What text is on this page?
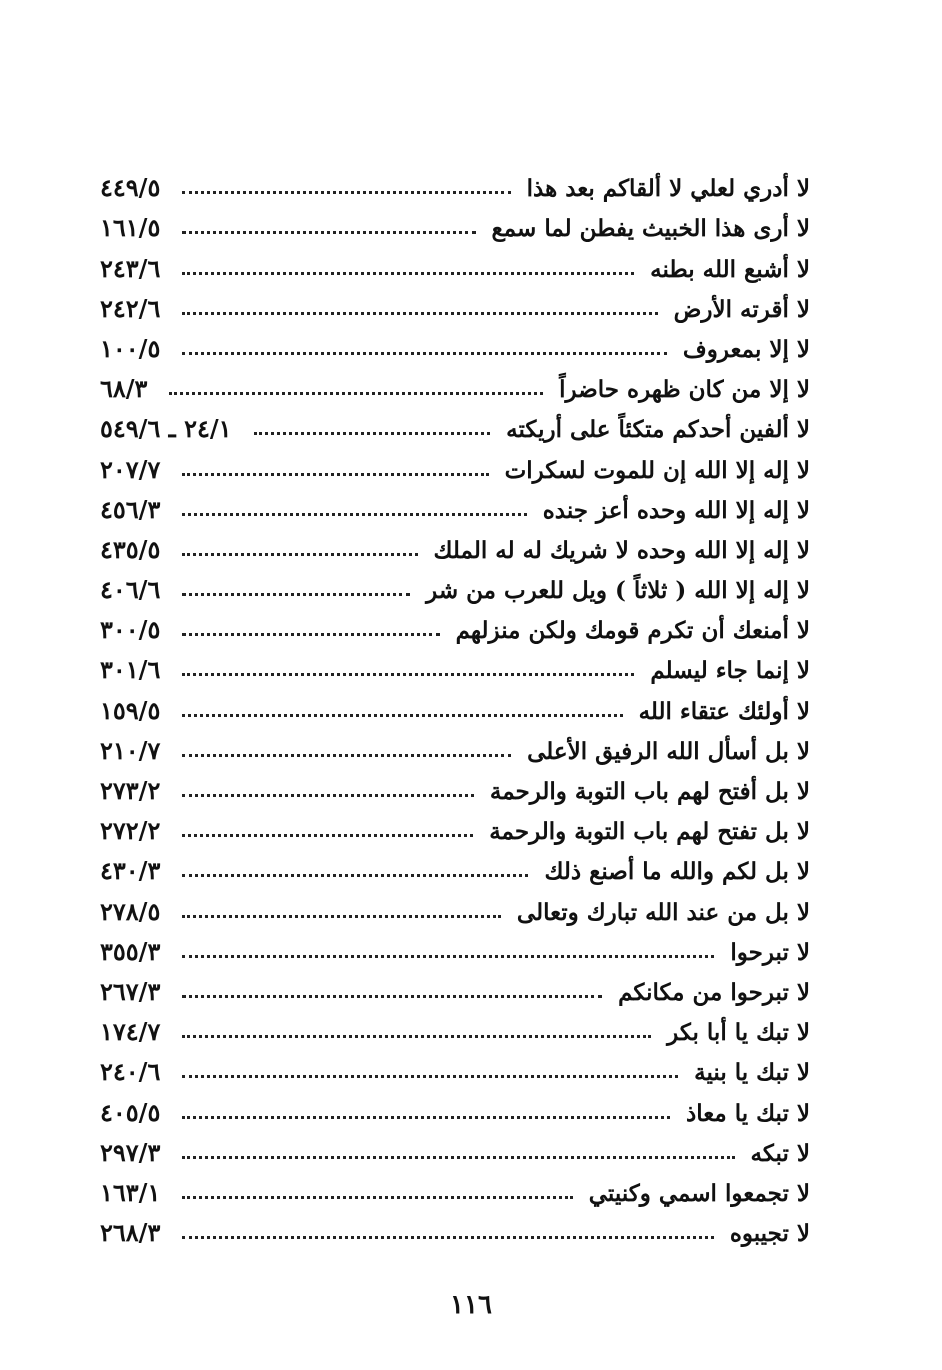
٤٤٩/٥	لا أدري لعلي لا ألقاكم بعد هذا
١٦١/٥	لا أرى هذا الخبيث يفطن لما سمع
٢٤٣/٦	لا أشبع الله بطنه
٢٤٢/٦	لا أقرته الأرض
١٠٠/٥	لا إلا بمعروف
٦٨/٣	لا إلا من كان ظهره حاضراً
٢٤/١ ـ ٥٤٩/٦	لا ألفين أحدكم متكئاً على أريكته
٢٠٧/٧	لا إله إلا الله إن للموت لسكرات
٤٥٦/٣	لا إله إلا الله وحده أعز جنده
٤٣٥/٥	لا إله إلا الله وحده لا شريك له له الملك
٤٠٦/٦	لا إله إلا الله ( ثلاثاً ) ويل للعرب من شر
٣٠٠/٥	لا أمنعك أن تكرم قومك ولكن منزلهم
٣٠١/٦	لا إنما جاء ليسلم
١٥٩/٥	لا أولئك عتقاء الله
٢١٠/٧	لا بل أسأل الله الرفيق الأعلى
٢٧٣/٢	لا بل أفتح لهم باب التوبة والرحمة
٢٧٢/٢	لا بل تفتح لهم باب التوبة والرحمة
٤٣٠/٣	لا بل لكم والله ما أصنع ذلك
٢٧٨/٥	لا بل من عند الله تبارك وتعالى
٣٥٥/٣	لا تبرحوا
٢٦٧/٣	لا تبرحوا من مكانكم
١٧٤/٧	لا تبك يا أبا بكر
٢٤٠/٦	لا تبك يا بنية
٤٠٥/٥	لا تبك يا معاذ
٢٩٧/٣	لا تبكه
١٦٣/١	لا تجمعوا اسمي وكنيتي
٢٦٨/٣	لا تجيبوه
١١٦
